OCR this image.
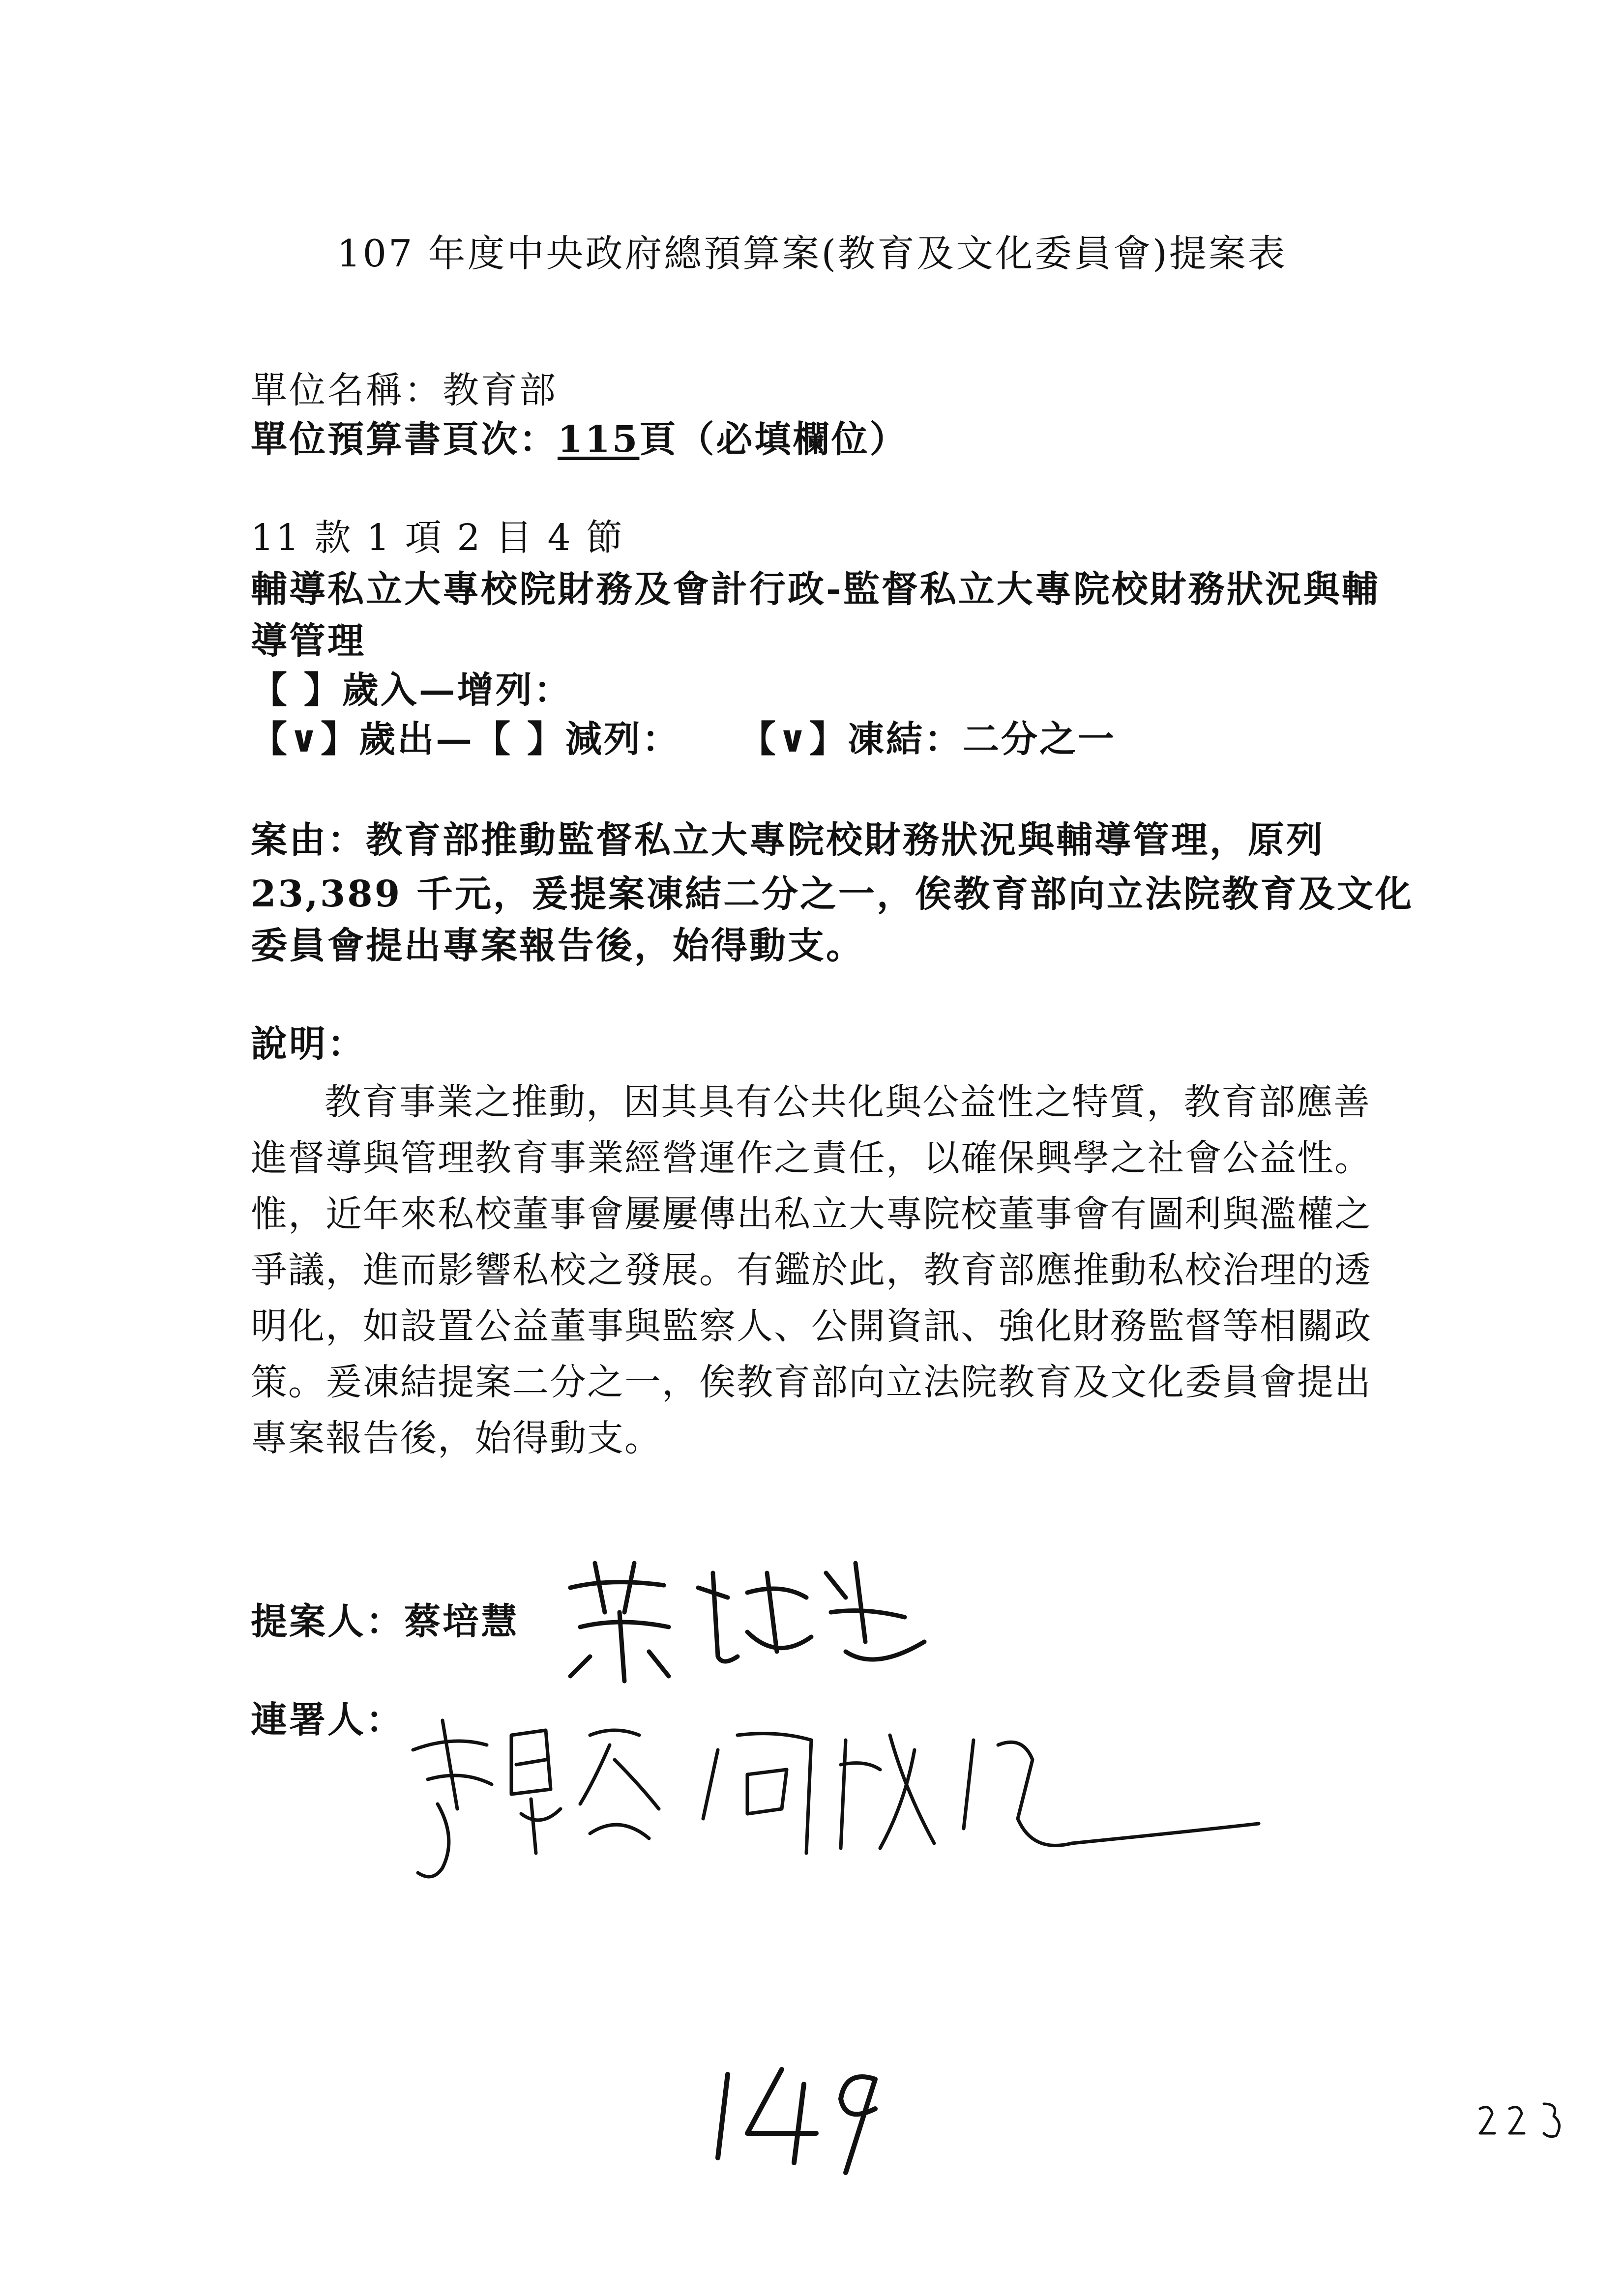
107 年度中央政府總預算案(教育及文化委員會)提案表
單位名稱：教育部
單位預算書頁次：115頁（必填欄位）
11 款 1 項 2 目 4 節
輔導私立大專校院財務及會計行政-監督私立大專院校財務狀況與輔
導管理
【 】歲入—增列：
【∨】歲出—【 】減列： 【∨】凍結：二分之一
案由：教育部推動監督私立大專院校財務狀況與輔導管理，原列
23,389 千元，爰提案凍結二分之一，俟教育部向立法院教育及文化
委員會提出專案報告後，始得動支。
說明：

教育事業之推動，因其具有公共化與公益性之特質，教育部應善

進督導與管理教育事業經營運作之責任，以確保興學之社會公益性。

惟，近年來私校董事會屢屢傳出私立大專院校董事會有圖利與濫權之

爭議，進而影響私校之發展。有鑑於此，教育部應推動私校治理的透

明化，如設置公益董事與監察人、公開資訊、強化財務監督等相關政

策。爰凍結提案二分之一，俟教育部向立法院教育及文化委員會提出

專案報告後，始得動支。

提案人：蔡培慧
連署人：
